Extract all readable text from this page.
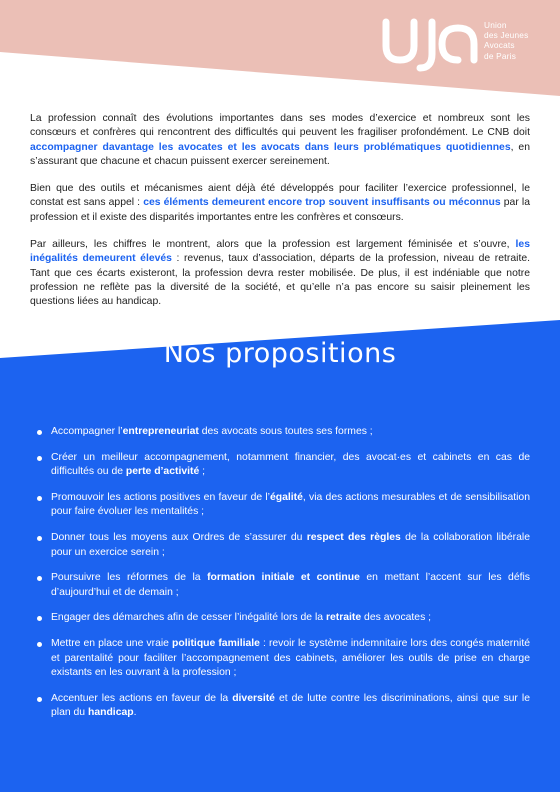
Union
des Jeunes
Avocats
de Paris

La profession connaît des évolutions importantes dans ses modes d’exercice et nombreux sont les consœurs et confrères qui rencontrent des difficultés qui peuvent les fragiliser profondément. Le CNB doit accompagner davantage les avocates et les avocats dans leurs problématiques quotidiennes, en s’assurant que chacune et chacun puissent exercer sereinement.

Bien que des outils et mécanismes aient déjà été développés pour faciliter l’exercice professionnel, le constat est sans appel : ces éléments demeurent encore trop souvent insuffisants ou méconnus par la profession et il existe des disparités importantes entre les confrères et consœurs.

Par ailleurs, les chiffres le montrent, alors que la profession est largement féminisée et s’ouvre, les inégalités demeurent élevés : revenus, taux d’association, départs de la profession, niveau de retraite. Tant que ces écarts existeront, la profession devra rester mobilisée. De plus, il est indéniable que notre profession ne reflète pas la diversité de la société, et qu’elle n’a pas encore su saisir pleinement les questions liées au handicap.

Nos propositions
Accompagner l’entrepreneuriat des avocats sous toutes ses formes ;
Créer un meilleur accompagnement, notamment financier, des avocat·es et cabinets en cas de difficultés ou de perte d’activité ;
Promouvoir les actions positives en faveur de l’égalité, via des actions mesurables et de sensibilisation pour faire évoluer les mentalités ;
Donner tous les moyens aux Ordres de s’assurer du respect des règles de la collaboration libérale pour un exercice serein ;
Poursuivre les réformes de la formation initiale et continue en mettant l’accent sur les défis d’aujourd’hui et de demain ;
Engager des démarches afin de cesser l’inégalité lors de la retraite des avocates ;
Mettre en place une vraie politique familiale : revoir le système indemnitaire lors des congés maternité et parentalité pour faciliter l’accompagnement des cabinets, améliorer les outils de prise en charge existants en les ouvrant à la profession ;
Accentuer les actions en faveur de la diversité et de lutte contre les discriminations, ainsi que sur le plan du handicap.
